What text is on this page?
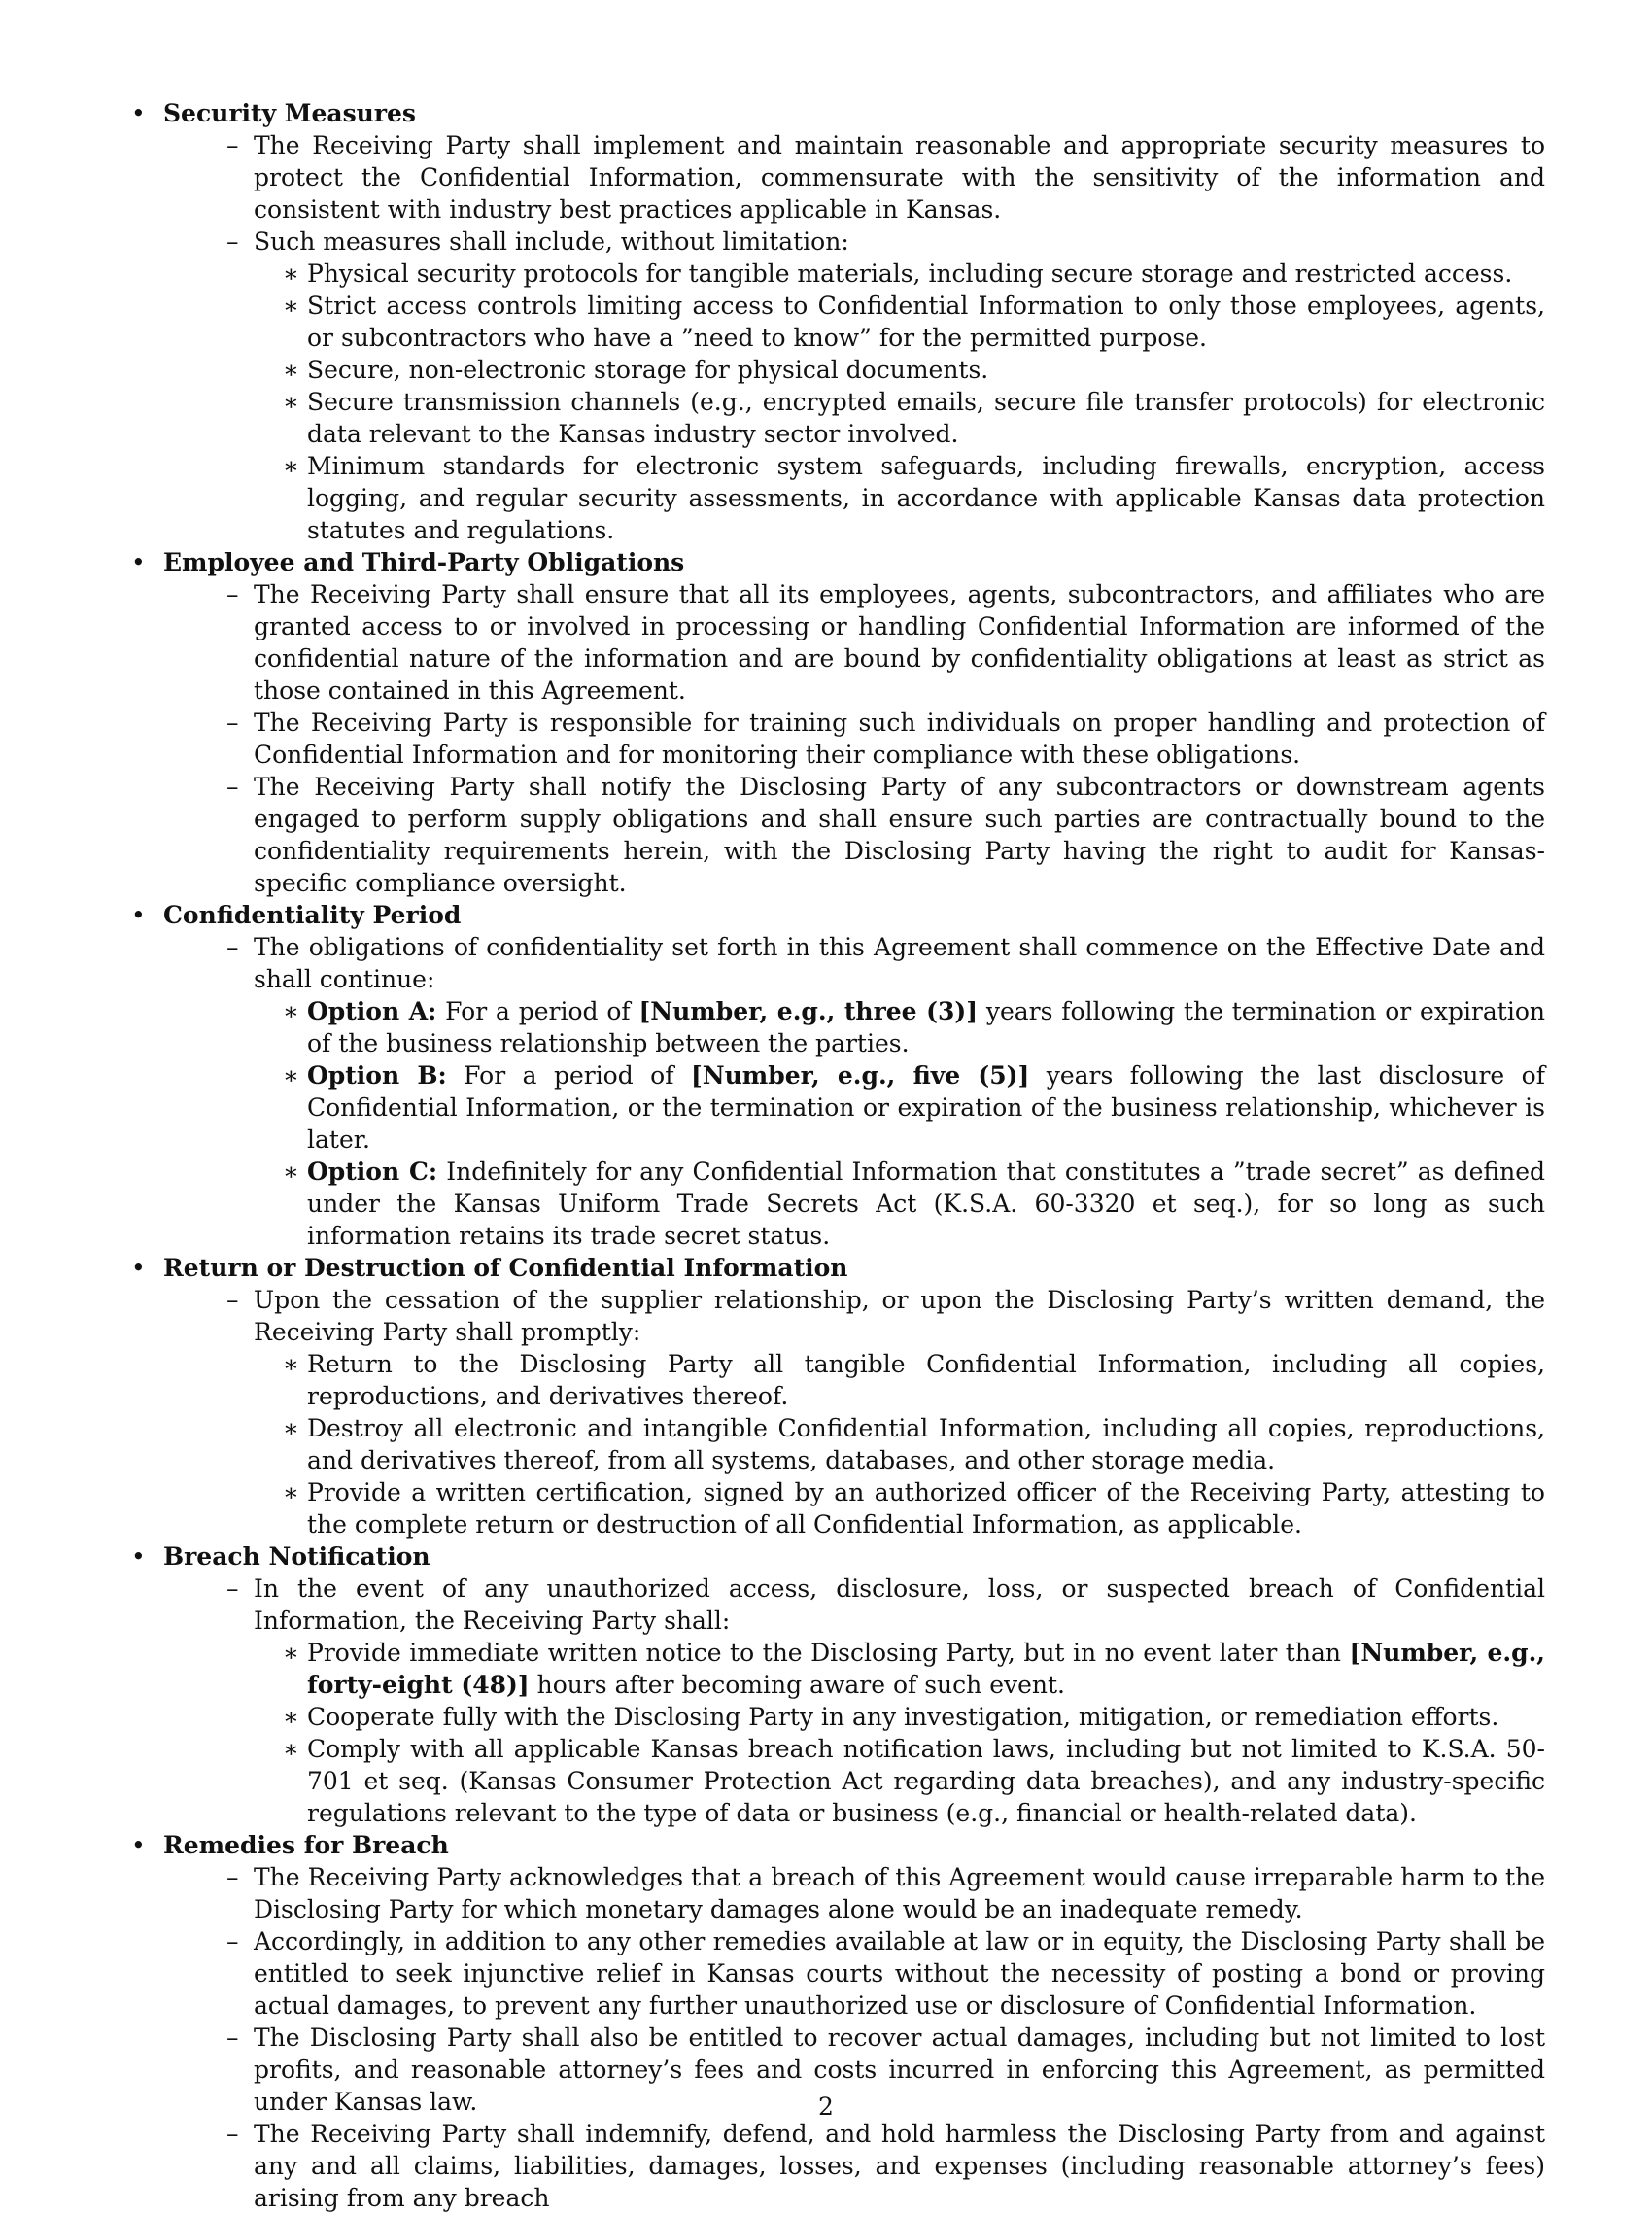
• Security Measures
– The Receiving Party shall implement and maintain reasonable and appropriate security measures to protect the Confidential Information, commensurate with the sensitivity of the information and consistent with industry best practices applicable in Kansas.
– Such measures shall include, without limitation:
∗ Physical security protocols for tangible materials, including secure storage and restricted access.
∗ Strict access controls limiting access to Confidential Information to only those employees, agents, or subcontractors who have a ”need to know” for the permitted purpose.
∗ Secure, non-electronic storage for physical documents.
∗ Secure transmission channels (e.g., encrypted emails, secure file transfer protocols) for electronic data relevant to the Kansas industry sector involved.
∗ Minimum standards for electronic system safeguards, including firewalls, encryption, access logging, and regular security assessments, in accordance with applicable Kansas data protection statutes and regulations.
• Employee and Third-Party Obligations
– The Receiving Party shall ensure that all its employees, agents, subcontractors, and affiliates who are granted access to or involved in processing or handling Confidential Information are informed of the confidential nature of the information and are bound by confidentiality obligations at least as strict as those contained in this Agreement.
– The Receiving Party is responsible for training such individuals on proper handling and protection of Confidential Information and for monitoring their compliance with these obligations.
– The Receiving Party shall notify the Disclosing Party of any subcontractors or downstream agents engaged to perform supply obligations and shall ensure such parties are contractually bound to the confidentiality requirements herein, with the Disclosing Party having the right to audit for Kansas-specific compliance oversight.
• Confidentiality Period
– The obligations of confidentiality set forth in this Agreement shall commence on the Effective Date and shall continue:
∗ Option A: For a period of [Number, e.g., three (3)] years following the termination or expiration of the business relationship between the parties.
∗ Option B: For a period of [Number, e.g., five (5)] years following the last disclosure of Confidential Information, or the termination or expiration of the business relationship, whichever is later.
∗ Option C: Indefinitely for any Confidential Information that constitutes a ”trade secret” as defined under the Kansas Uniform Trade Secrets Act (K.S.A. 60-3320 et seq.), for so long as such information retains its trade secret status.
• Return or Destruction of Confidential Information
– Upon the cessation of the supplier relationship, or upon the Disclosing Party’s written demand, the Receiving Party shall promptly:
∗ Return to the Disclosing Party all tangible Confidential Information, including all copies, reproductions, and derivatives thereof.
∗ Destroy all electronic and intangible Confidential Information, including all copies, reproductions, and derivatives thereof, from all systems, databases, and other storage media.
∗ Provide a written certification, signed by an authorized officer of the Receiving Party, attesting to the complete return or destruction of all Confidential Information, as applicable.
• Breach Notification
– In the event of any unauthorized access, disclosure, loss, or suspected breach of Confidential Information, the Receiving Party shall:
∗ Provide immediate written notice to the Disclosing Party, but in no event later than [Number, e.g., forty-eight (48)] hours after becoming aware of such event.
∗ Cooperate fully with the Disclosing Party in any investigation, mitigation, or remediation efforts.
∗ Comply with all applicable Kansas breach notification laws, including but not limited to K.S.A. 50-701 et seq. (Kansas Consumer Protection Act regarding data breaches), and any industry-specific regulations relevant to the type of data or business (e.g., financial or health-related data).
• Remedies for Breach
– The Receiving Party acknowledges that a breach of this Agreement would cause irreparable harm to the Disclosing Party for which monetary damages alone would be an inadequate remedy.
– Accordingly, in addition to any other remedies available at law or in equity, the Disclosing Party shall be entitled to seek injunctive relief in Kansas courts without the necessity of posting a bond or proving actual damages, to prevent any further unauthorized use or disclosure of Confidential Information.
– The Disclosing Party shall also be entitled to recover actual damages, including but not limited to lost profits, and reasonable attorney’s fees and costs incurred in enforcing this Agreement, as permitted under Kansas law.
– The Receiving Party shall indemnify, defend, and hold harmless the Disclosing Party from and against any and all claims, liabilities, damages, losses, and expenses (including reasonable attorney’s fees) arising from any breach
2
